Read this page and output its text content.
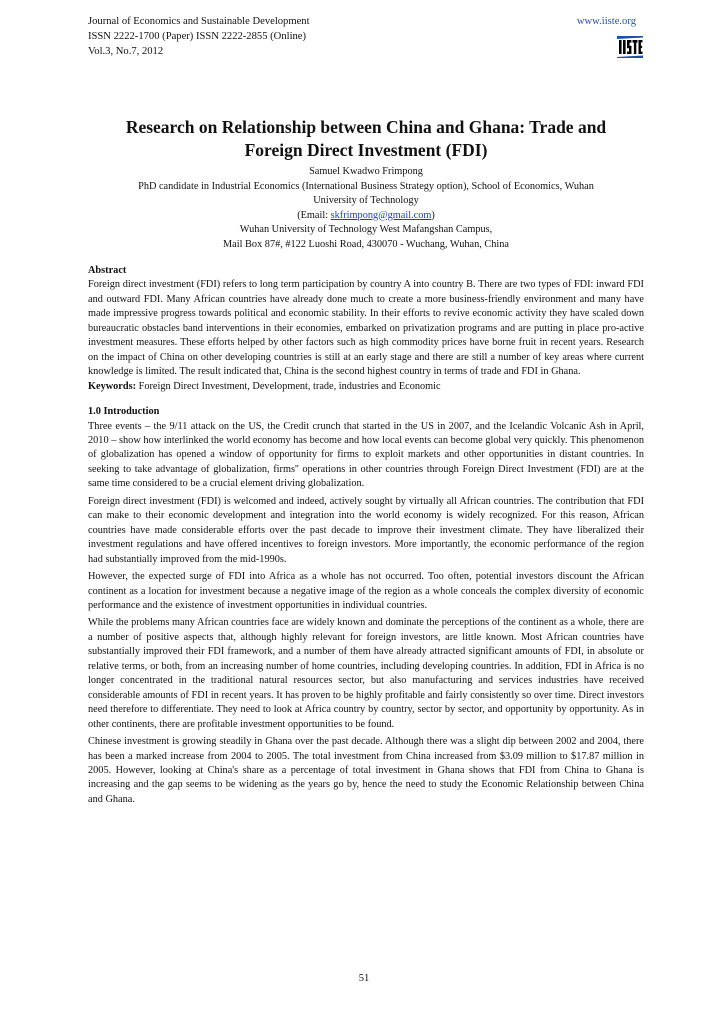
Journal of Economics and Sustainable Development
ISSN 2222-1700 (Paper) ISSN 2222-2855 (Online)
Vol.3, No.7, 2012
www.iiste.org
Research on Relationship between China and Ghana: Trade and
Foreign Direct Investment (FDI)
Samuel Kwadwo Frimpong
PhD candidate in Industrial Economics (International Business Strategy option), School of Economics, Wuhan
University of Technology
(Email: skfrimpong@gmail.com)
Wuhan University of Technology West Mafangshan Campus,
Mail Box 87#, #122 Luoshi Road, 430070 - Wuchang, Wuhan, China

Abstract

Foreign direct investment (FDI) refers to long term participation by country A into country B. There are two types of FDI: inward FDI and outward FDI. Many African countries have already done much to create a more business-friendly environment and many have made impressive progress towards political and economic stability. In their efforts to revive economic activity they have scaled down bureaucratic obstacles band interventions in their economies, embarked on privatization programs and are putting in place pro-active investment measures. These efforts helped by other factors such as high commodity prices have borne fruit in recent years. Research on the impact of China on other developing countries is still at an early stage and there are still a number of key areas where current knowledge is limited. The result indicated that, China is the second highest country in terms of trade and FDI in Ghana.

Keywords: Foreign Direct Investment, Development, trade, industries and Economic

1.0 Introduction

Three events – the 9/11 attack on the US, the Credit crunch that started in the US in 2007, and the Icelandic Volcanic Ash in April, 2010 – show how interlinked the world economy has become and how local events can become global very quickly. This phenomenon of globalization has opened a window of opportunity for firms to exploit markets and other opportunities in distant countries. In seeking to take advantage of globalization, firms'' operations in other countries through Foreign Direct Investment (FDI) are at the same time considered to be a crucial element driving globalization.

Foreign direct investment (FDI) is welcomed and indeed, actively sought by virtually all African countries. The contribution that FDI can make to their economic development and integration into the world economy is widely recognized. For this reason, African countries have made considerable efforts over the past decade to improve their investment climate. They have liberalized their investment regulations and have offered incentives to foreign investors. More importantly, the economic performance of the region had substantially improved from the mid-1990s.

However, the expected surge of FDI into Africa as a whole has not occurred. Too often, potential investors discount the African continent as a location for investment because a negative image of the region as a whole conceals the complex diversity of economic performance and the existence of investment opportunities in individual countries.

While the problems many African countries face are widely known and dominate the perceptions of the continent as a whole, there are a number of positive aspects that, although highly relevant for foreign investors, are little known. Most African countries have substantially improved their FDI framework, and a number of them have already attracted significant amounts of FDI, in absolute or relative terms, or both, from an increasing number of home countries, including developing countries. In addition, FDI in Africa is no longer concentrated in the traditional natural resources sector, but also manufacturing and services industries have received considerable amounts of FDI in recent years. It has proven to be highly profitable and fairly consistently so over time. Direct investors need therefore to differentiate. They need to look at Africa country by country, sector by sector, and opportunity by opportunity. As in other continents, there are profitable investment opportunities to be found.

Chinese investment is growing steadily in Ghana over the past decade. Although there was a slight dip between 2002 and 2004, there has been a marked increase from 2004 to 2005. The total investment from China increased from $3.09 million to $17.87 million in 2005. However, looking at China's share as a percentage of total investment in Ghana shows that FDI from China to Ghana is increasing and the gap seems to be widening as the years go by, hence the need to study the Economic Relationship between China and Ghana.

51
